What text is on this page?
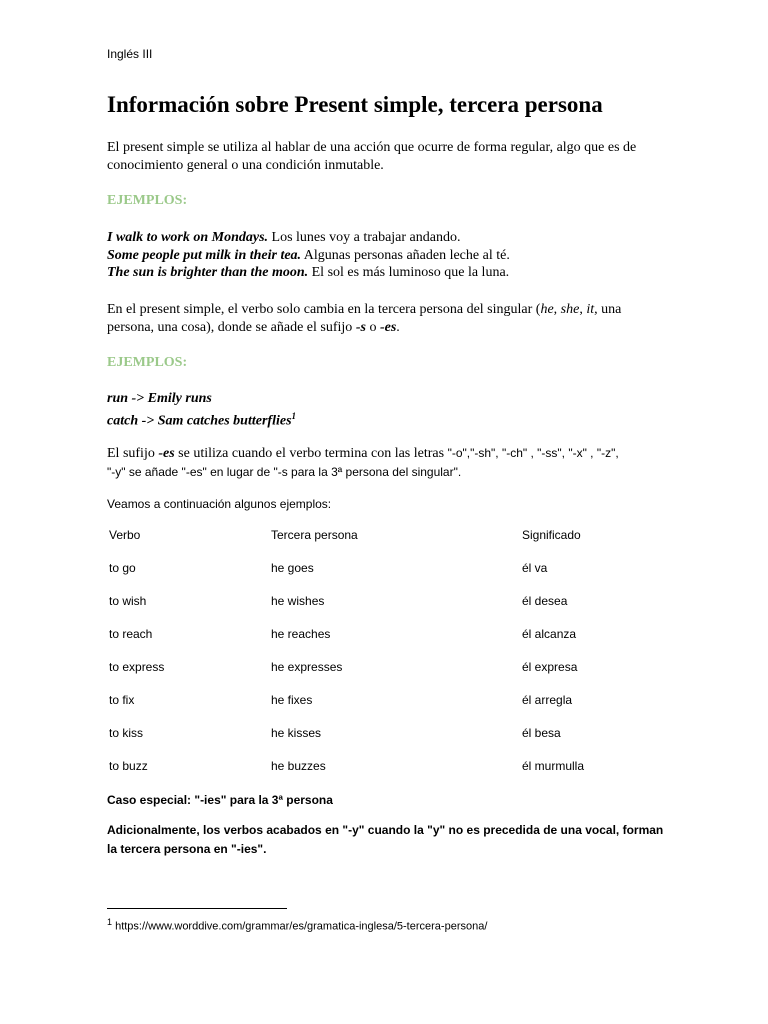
Inglés III
Información sobre Present simple, tercera persona

El present simple se utiliza al hablar de una acción que ocurre de forma regular, algo que es de conocimiento general o una condición inmutable.

EJEMPLOS:
I walk to work on Mondays. Los lunes voy a trabajar andando.
Some people put milk in their tea. Algunas personas añaden leche al té.
The sun is brighter than the moon. El sol es más luminoso que la luna.

En el present simple, el verbo solo cambia en la tercera persona del singular (he, she, it, una persona, una cosa), donde se añade el sufijo -s o -es.

EJEMPLOS:
run -> Emily runs
catch -> Sam catches butterflies$^1$
El sufijo -es se utiliza cuando el verbo termina con las letras "-o","-sh", "-ch" , "-ss", "-x" , "-z",
"-y" se añade "-es" en lugar de "-s para la 3ª persona del singular".
Veamos a continuación algunos ejemplos:
Verbo	Tercera persona	Significado
to go	he goes	él va
to wish	he wishes	él desea
to reach	he reaches	él alcanza
to express	he expresses	él expresa
to fix	he fixes	él arregla
to kiss	he kisses	él besa
to buzz	he buzzes	él murmulla
Caso especial: "-ies" para la 3ª persona
Adicionalmente, los verbos acabados en "-y" cuando la "y" no es precedida de una vocal, forman
la tercera persona en "-ies".
$^1$ https://www.worddive.com/grammar/es/gramatica-inglesa/5-tercera-persona/
